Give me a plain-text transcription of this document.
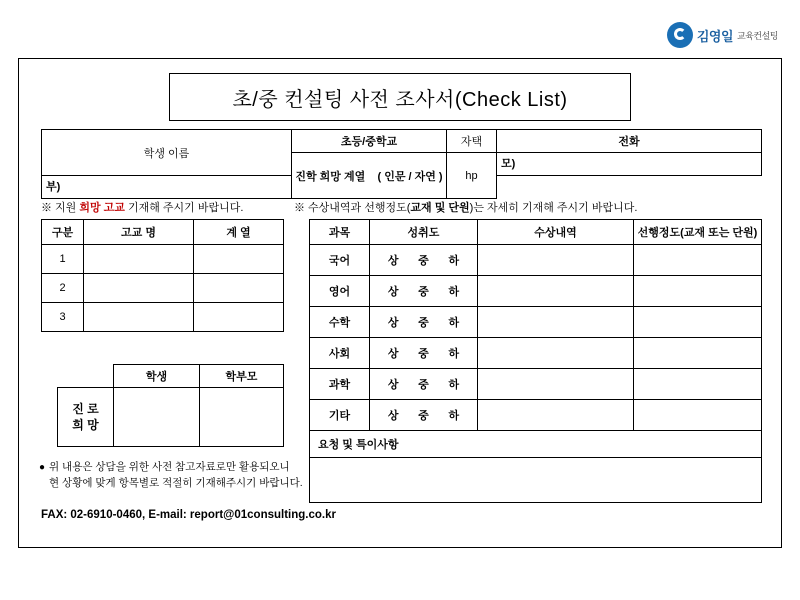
김영일 교육컨설팅
초/중 컨설팅 사전 조사서(Check List)
학생 이름	초등/중학교	자택	전화
	진학 희망 계열 ( 인문 / 자연 )	hp	모)

부)			
※ 지원 희망 고교 기재해 주시기 바랍니다.	※ 수상내역과 선행정도(교재 및 단원)는 자세히 기재해 주시기 바랍니다.
구분	고교 명	계 열
1		
2		
3		
	학생	학부모
진 로
희 망		
과목	성취도	수상내역	선행정도(교재 또는 단원)
국어	상 중 하		

영어	상 중 하		

수학	상 중 하		

사회	상 중 하		

과학	상 중 하		

기타	상 중 하		

요청 및 특이사항			

● 위 내용은 상담을 위한 사전 참고자료로만 활용되오니
현 상황에 맞게 항목별로 적절히 기재해주시기 바랍니다.
FAX: 02-6910-0460, E-mail: report@01consulting.co.kr
